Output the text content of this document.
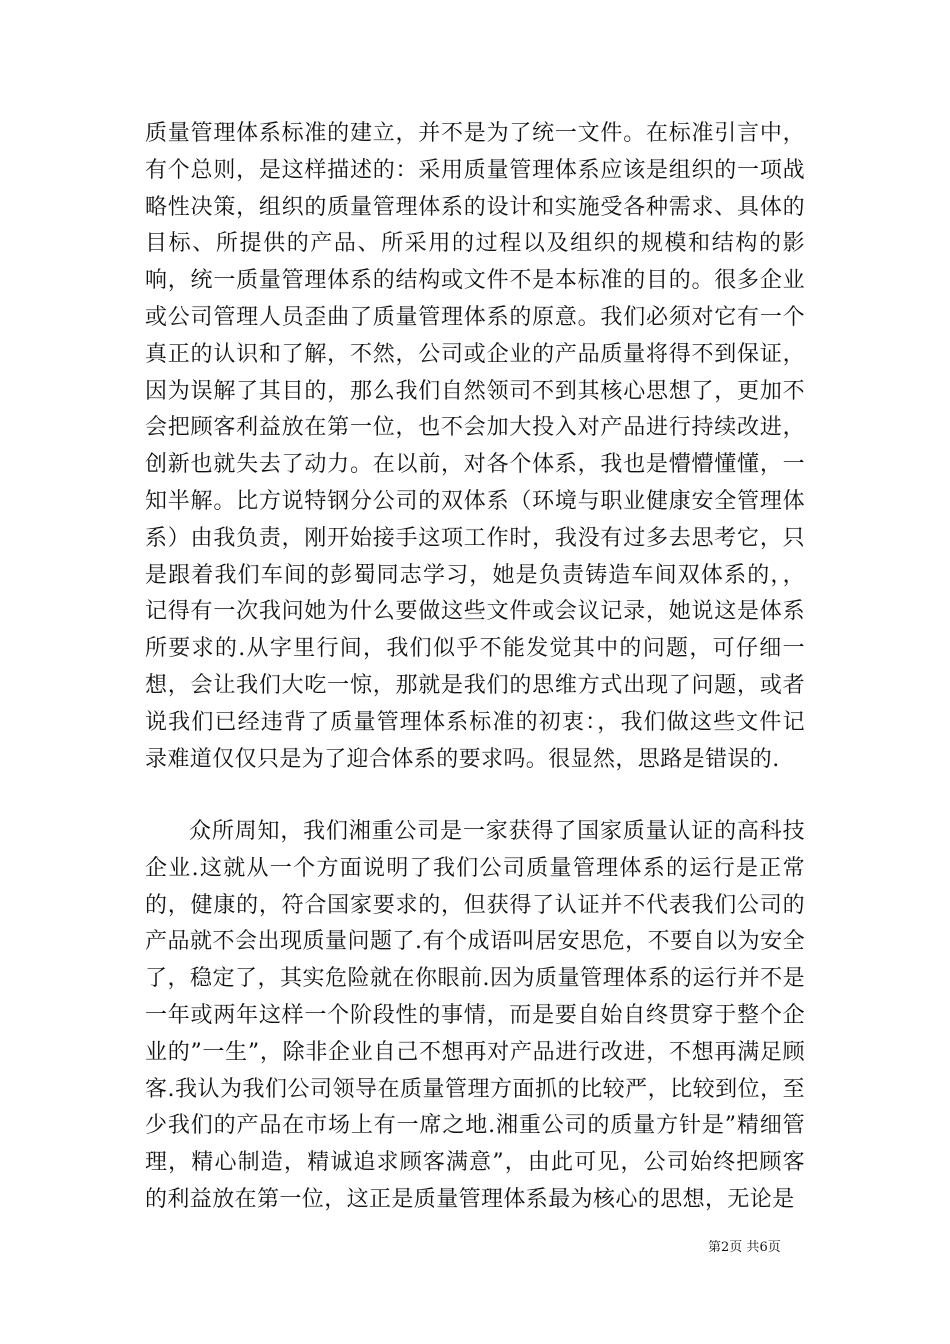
质量管理体系标准的建立，并不是为了统一文件。在标准引言中，有个总则，是这样描述的：采用质量管理体系应该是组织的一项战略性决策，组织的质量管理体系的设计和实施受各种需求、具体的目标、所提供的产品、所采用的过程以及组织的规模和结构的影响，统一质量管理体系的结构或文件不是本标准的目的。很多企业或公司管理人员歪曲了质量管理体系的原意。我们必须对它有一个真正的认识和了解，不然，公司或企业的产品质量将得不到保证，因为误解了其目的，那么我们自然领司不到其核心思想了，更加不会把顾客利益放在第一位，也不会加大投入对产品进行持续改进，创新也就失去了动力。在以前，对各个体系，我也是懵懵懂懂，一知半解。比方说特钢分公司的双体系（环境与职业健康安全管理体系）由我负责，刚开始接手这项工作时，我没有过多去思考它，只是跟着我们车间的彭蜀同志学习，她是负责铸造车间双体系的，，记得有一次我问她为什么要做这些文件或会议记录，她说这是体系所要求的.从字里行间，我们似乎不能发觉其中的问题，可仔细一想，会让我们大吃一惊，那就是我们的思维方式出现了问题，或者说我们已经违背了质量管理体系标准的初衷：，我们做这些文件记录难道仅仅只是为了迎合体系的要求吗。很显然，思路是错误的.

众所周知，我们湘重公司是一家获得了国家质量认证的高科技企业.这就从一个方面说明了我们公司质量管理体系的运行是正常的，健康的，符合国家要求的，但获得了认证并不代表我们公司的产品就不会出现质量问题了.有个成语叫居安思危，不要自以为安全了，稳定了，其实危险就在你眼前.因为质量管理体系的运行并不是一年或两年这样一个阶段性的事情，而是要自始自终贯穿于整个企业的”一生”，除非企业自己不想再对产品进行改进，不想再满足顾客.我认为我们公司领导在质量管理方面抓的比较严，比较到位，至少我们的产品在市场上有一席之地.湘重公司的质量方针是”精细管理，精心制造，精诚追求顾客满意”，由此可见，公司始终把顾客的利益放在第一位，这正是质量管理体系最为核心的思想，无论是

第2页 共6页
